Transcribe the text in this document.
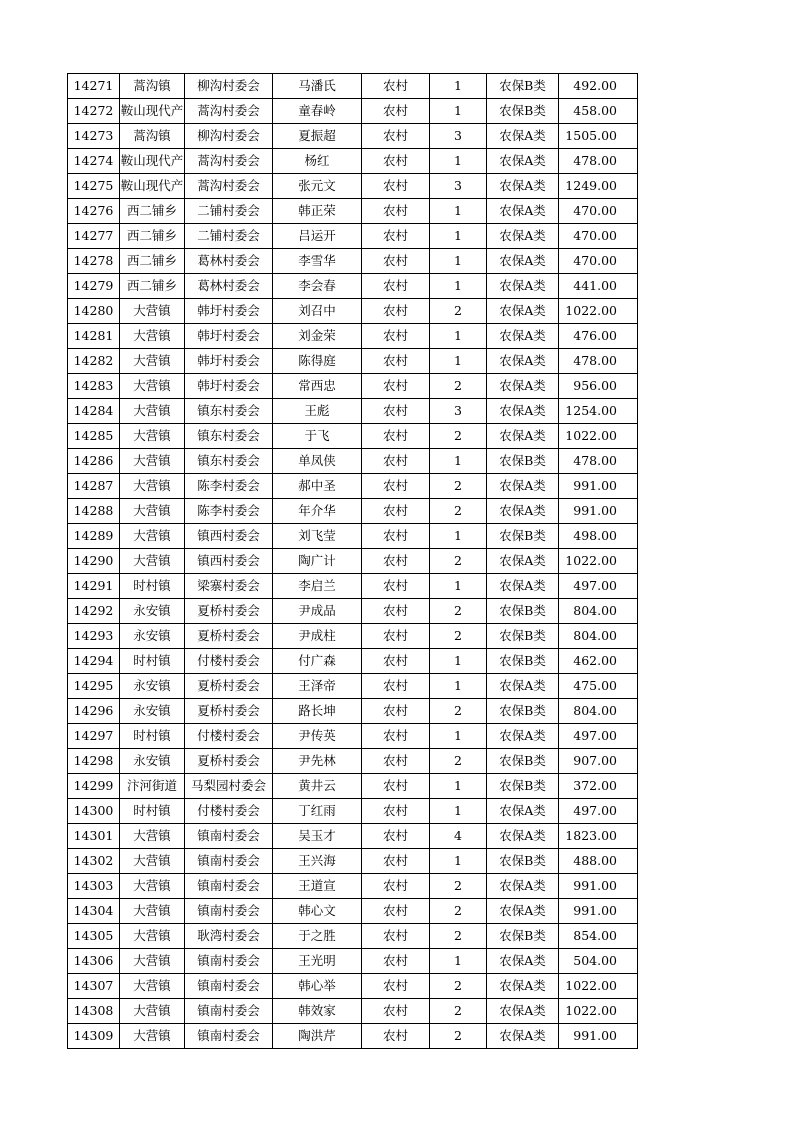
14271	蒿沟镇	柳沟村委会	马潘氏	农村	1	农保B类	492.00
14272	鞍山现代产	蒿沟村委会	童春岭	农村	1	农保B类	458.00
14273	蒿沟镇	柳沟村委会	夏振超	农村	3	农保A类	1505.00
14274	鞍山现代产	蒿沟村委会	杨红	农村	1	农保A类	478.00
14275	鞍山现代产	蒿沟村委会	张元文	农村	3	农保A类	1249.00
14276	西二铺乡	二铺村委会	韩正荣	农村	1	农保A类	470.00
14277	西二铺乡	二铺村委会	吕运开	农村	1	农保A类	470.00
14278	西二铺乡	葛林村委会	李雪华	农村	1	农保A类	470.00
14279	西二铺乡	葛林村委会	李会春	农村	1	农保A类	441.00
14280	大营镇	韩圩村委会	刘召中	农村	2	农保A类	1022.00
14281	大营镇	韩圩村委会	刘金荣	农村	1	农保A类	476.00
14282	大营镇	韩圩村委会	陈得庭	农村	1	农保A类	478.00
14283	大营镇	韩圩村委会	常西忠	农村	2	农保A类	956.00
14284	大营镇	镇东村委会	王彪	农村	3	农保A类	1254.00
14285	大营镇	镇东村委会	于飞	农村	2	农保A类	1022.00
14286	大营镇	镇东村委会	单凤侠	农村	1	农保B类	478.00
14287	大营镇	陈李村委会	郝中圣	农村	2	农保A类	991.00
14288	大营镇	陈李村委会	年介华	农村	2	农保A类	991.00
14289	大营镇	镇西村委会	刘飞莹	农村	1	农保B类	498.00
14290	大营镇	镇西村委会	陶广计	农村	2	农保A类	1022.00
14291	时村镇	梁寨村委会	李启兰	农村	1	农保A类	497.00
14292	永安镇	夏桥村委会	尹成品	农村	2	农保B类	804.00
14293	永安镇	夏桥村委会	尹成柱	农村	2	农保B类	804.00
14294	时村镇	付楼村委会	付广森	农村	1	农保B类	462.00
14295	永安镇	夏桥村委会	王泽帝	农村	1	农保A类	475.00
14296	永安镇	夏桥村委会	路长坤	农村	2	农保B类	804.00
14297	时村镇	付楼村委会	尹传英	农村	1	农保A类	497.00
14298	永安镇	夏桥村委会	尹先林	农村	2	农保B类	907.00
14299	汴河街道	马梨园村委会	黄井云	农村	1	农保B类	372.00
14300	时村镇	付楼村委会	丁红雨	农村	1	农保A类	497.00
14301	大营镇	镇南村委会	吴玉才	农村	4	农保A类	1823.00
14302	大营镇	镇南村委会	王兴海	农村	1	农保B类	488.00
14303	大营镇	镇南村委会	王道宣	农村	2	农保A类	991.00
14304	大营镇	镇南村委会	韩心文	农村	2	农保A类	991.00
14305	大营镇	耿湾村委会	于之胜	农村	2	农保B类	854.00
14306	大营镇	镇南村委会	王光明	农村	1	农保A类	504.00
14307	大营镇	镇南村委会	韩心举	农村	2	农保A类	1022.00
14308	大营镇	镇南村委会	韩效家	农村	2	农保A类	1022.00
14309	大营镇	镇南村委会	陶洪芹	农村	2	农保A类	991.00
